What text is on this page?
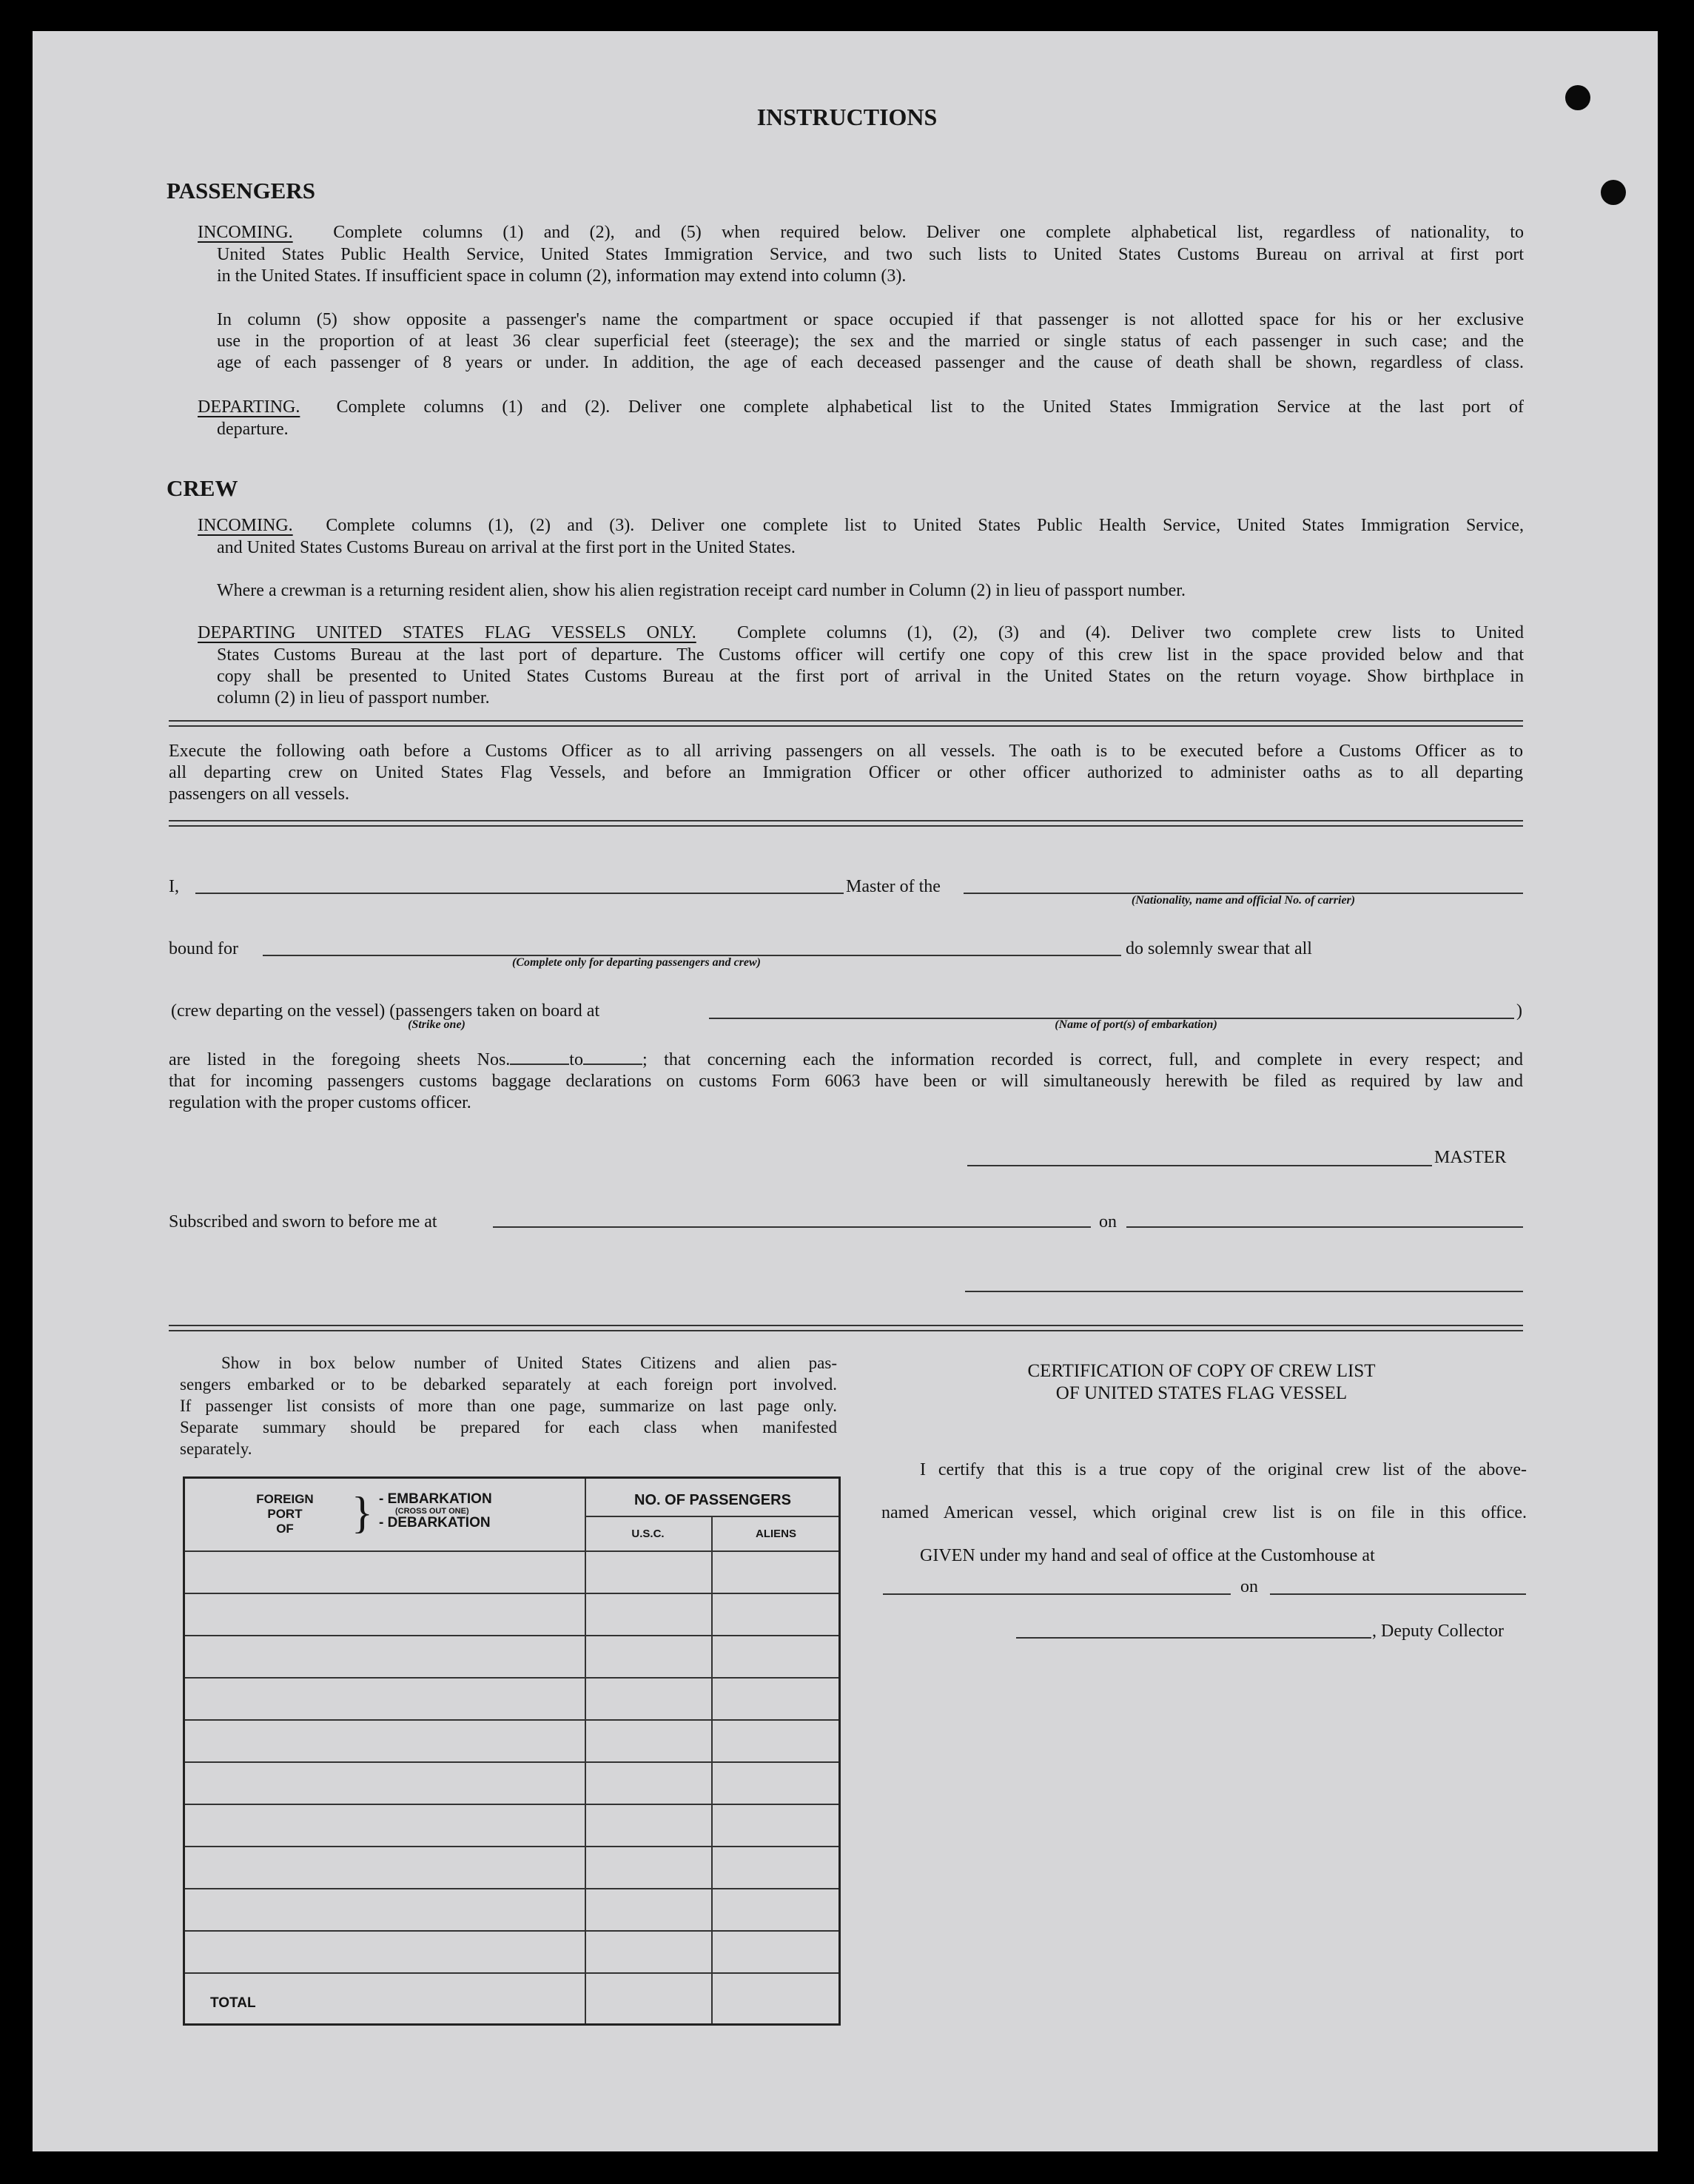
INSTRUCTIONS
PASSENGERS
INCOMING. Complete columns (1) and (2), and (5) when required below. Deliver one complete alphabetical list, regardless of nationality, to
United States Public Health Service, United States Immigration Service, and two such lists to United States Customs Bureau on arrival at first port
in the United States. If insufficient space in column (2), information may extend into column (3).
In column (5) show opposite a passenger's name the compartment or space occupied if that passenger is not allotted space for his or her exclusive
use in the proportion of at least 36 clear superficial feet (steerage); the sex and the married or single status of each passenger in such case; and the
age of each passenger of 8 years or under. In addition, the age of each deceased passenger and the cause of death shall be shown, regardless of class.
DEPARTING. Complete columns (1) and (2). Deliver one complete alphabetical list to the United States Immigration Service at the last port of
departure.
CREW
INCOMING. Complete columns (1), (2) and (3). Deliver one complete list to United States Public Health Service, United States Immigration Service,
and United States Customs Bureau on arrival at the first port in the United States.
Where a crewman is a returning resident alien, show his alien registration receipt card number in Column (2) in lieu of passport number.
DEPARTING UNITED STATES FLAG VESSELS ONLY. Complete columns (1), (2), (3) and (4). Deliver two complete crew lists to United
States Customs Bureau at the last port of departure. The Customs officer will certify one copy of this crew list in the space provided below and that
copy shall be presented to United States Customs Bureau at the first port of arrival in the United States on the return voyage. Show birthplace in
column (2) in lieu of passport number.
Execute the following oath before a Customs Officer as to all arriving passengers on all vessels. The oath is to be executed before a Customs Officer as to
all departing crew on United States Flag Vessels, and before an Immigration Officer or other officer authorized to administer oaths as to all departing
passengers on all vessels.
I,	Master of the
(Nationality, name and official No. of carrier)
bound for
(Complete only for departing passengers and crew)
do solemnly swear that all
(crew departing on the vessel) (passengers taken on board at	)
(Strike one)	(Name of port(s) of embarkation)
are listed in the foregoing sheets Nos.	to	; that concerning each the information recorded is correct, full, and complete in every respect; and
that for incoming passengers customs baggage declarations on customs Form 6063 have been or will simultaneously herewith be filed as required by law and
regulation with the proper customs officer.
MASTER
Subscribed and sworn to before me at	on
Show in box below number of United States Citizens and alien pas-
sengers embarked or to be debarked separately at each foreign port involved.
If passenger list consists of more than one page, summarize on last page only.
Separate summary should be prepared for each class when manifested
separately.
FOREIGN
PORT
OF	} - EMBARKATION
(CROSS OUT ONE)
- DEBARKATION
NO. OF PASSENGERS
U.S.C.	ALIENS
TOTAL
CERTIFICATION OF COPY OF CREW LIST
OF UNITED STATES FLAG VESSEL
I certify that this is a true copy of the original crew list of the above-
named American vessel, which original crew list is on file in this office.
GIVEN under my hand and seal of office at the Customhouse at
on
, Deputy Collector
